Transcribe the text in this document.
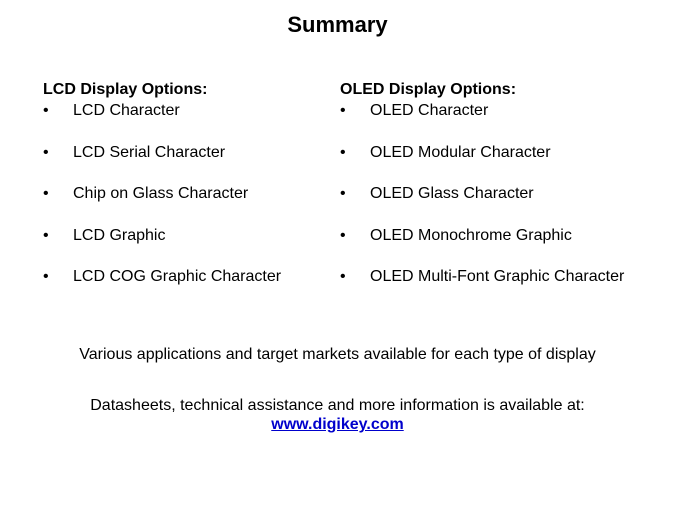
Summary

LCD Display Options:

• LCD Character
• LCD Serial Character
• Chip on Glass Character
• LCD Graphic
• LCD COG Graphic Character

OLED Display Options:

• OLED Character
• OLED Modular Character
• OLED Glass Character
• OLED Monochrome Graphic
• OLED Multi-Font Graphic Character
Various applications and target markets available for each type of display
Datasheets, technical assistance and more information is available at:
www.digikey.com
